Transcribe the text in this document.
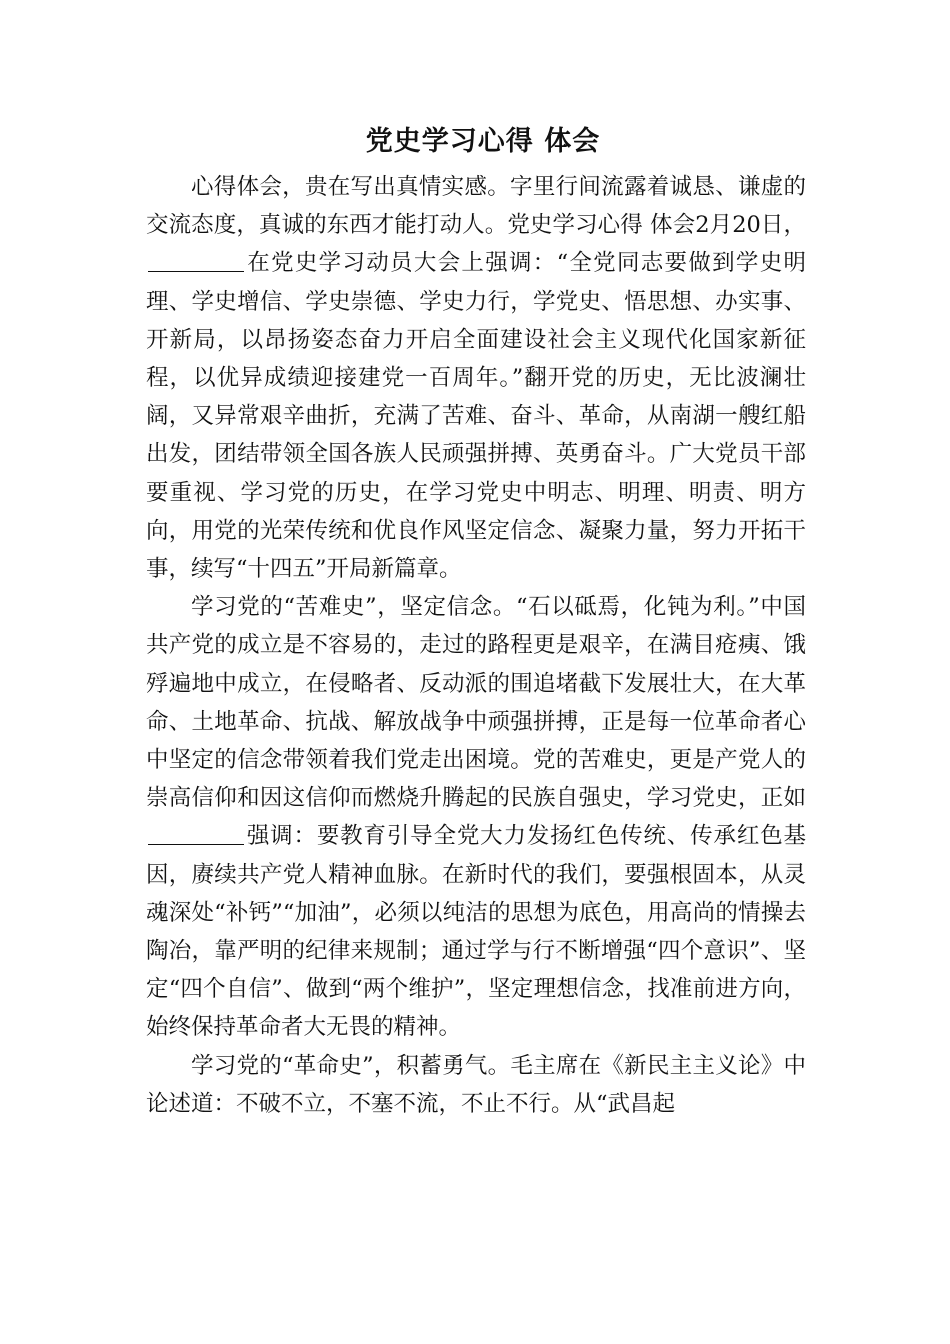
党史学习心得 体会

心得体会，贵在写出真情实感。字里行间流露着诚恳、谦虚的交流态度，真诚的东西才能打动人。党史学习心得 体会2月20日，在党史学习动员大会上强调：“全党同志要做到学史明理、学史增信、学史崇德、学史力行，学党史、悟思想、办实事、开新局，以昂扬姿态奋力开启全面建设社会主义现代化国家新征程，以优异成绩迎接建党一百周年。”翻开党的历史，无比波澜壮阔，又异常艰辛曲折，充满了苦难、奋斗、革命，从南湖一艘红船出发，团结带领全国各族人民顽强拼搏、英勇奋斗。广大党员干部要重视、学习党的历史，在学习党史中明志、明理、明责、明方向，用党的光荣传统和优良作风坚定信念、凝聚力量，努力开拓干事，续写“十四五”开局新篇章。

学习党的“苦难史”，坚定信念。“石以砥焉，化钝为利。”中国共产党的成立是不容易的，走过的路程更是艰辛，在满目疮痍、饿殍遍地中成立，在侵略者、反动派的围追堵截下发展壮大，在大革命、土地革命、抗战、解放战争中顽强拼搏，正是每一位革命者心中坚定的信念带领着我们党走出困境。党的苦难史，更是产党人的崇高信仰和因这信仰而燃烧升腾起的民族自强史，学习党史，正如强调：要教育引导全党大力发扬红色传统、传承红色基因，赓续共产党人精神血脉。在新时代的我们，要强根固本，从灵魂深处“补钙”“加油”，必须以纯洁的思想为底色，用高尚的情操去陶冶，靠严明的纪律来规制；通过学与行不断增强“四个意识”、坚定“四个自信”、做到“两个维护”，坚定理想信念，找准前进方向，始终保持革命者大无畏的精神。

学习党的“革命史”，积蓄勇气。毛主席在《新民主主义论》中论述道：不破不立，不塞不流，不止不行。从“武昌起
